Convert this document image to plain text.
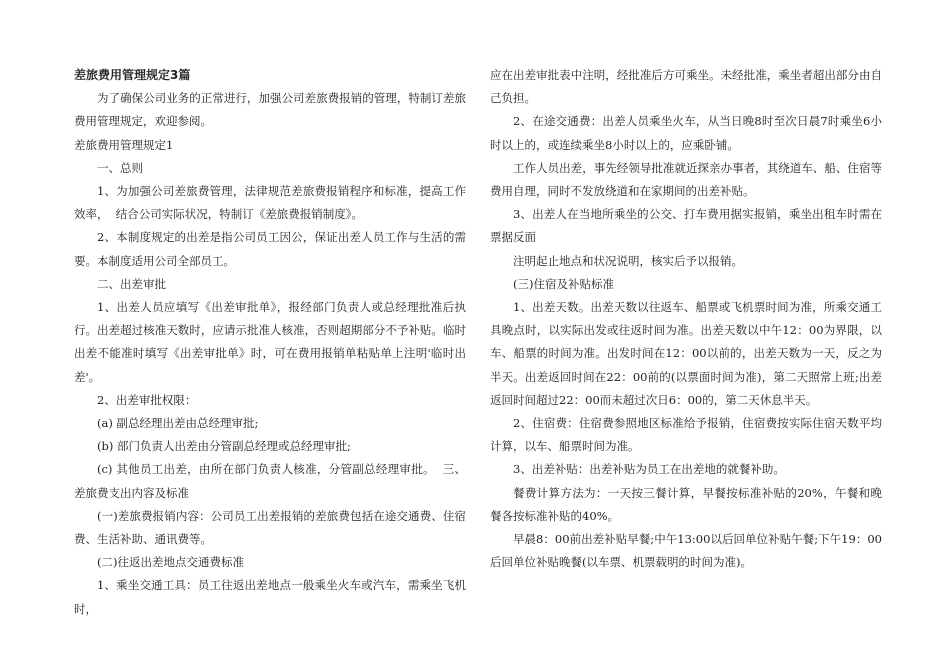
差旅费用管理规定3篇
为了确保公司业务的正常进行，加强公司差旅费报销的管理，特制订差旅费用管理规定，欢迎参阅。
差旅费用管理规定1
一、总则
1、为加强公司差旅费管理，法律规范差旅费报销程序和标准，提高工作效率，  结合公司实际状况，特制订《差旅费报销制度》。
2、本制度规定的出差是指公司员工因公，保证出差人员工作与生活的需要。本制度适用公司全部员工。
二、出差审批
1、出差人员应填写《出差审批单》，报经部门负责人或总经理批准后执行。出差超过核准天数时，应请示批准人核准，否则超期部分不予补贴。临时出差不能准时填写《出差审批单》时，可在费用报销单粘贴单上注明'临时出差'。
2、出差审批权限：
(a) 副总经理出差由总经理审批;
(b) 部门负责人出差由分管副总经理或总经理审批;
(c) 其他员工出差，由所在部门负责人核准，分管副总经理审批。  三、差旅费支出内容及标准
(一)差旅费报销内容：公司员工出差报销的差旅费包括在途交通费、住宿费、生活补助、通讯费等。
(二)往返出差地点交通费标准
1、乘坐交通工具：员工往返出差地点一般乘坐火车或汽车，需乘坐飞机时，
应在出差审批表中注明，经批准后方可乘坐。未经批准，乘坐者超出部分由自己负担。
2、在途交通费：出差人员乘坐火车，从当日晚8时至次日晨7时乘坐6小时以上的，或连续乘坐8小时以上的，应乘卧铺。
工作人员出差，事先经领导批准就近探亲办事者，其绕道车、船、住宿等费用自理，同时不发放绕道和在家期间的出差补贴。
3、出差人在当地所乘坐的公交、打车费用据实报销，乘坐出租车时需在票据反面
注明起止地点和状况说明，核实后予以报销。
(三)住宿及补贴标准
1、出差天数。出差天数以往返车、船票或飞机票时间为准，所乘交通工具晚点时，以实际出发或往返时间为准。出差天数以中午12：00为界限，以车、船票的时间为准。出发时间在12：00以前的，出差天数为一天，反之为半天。出差返回时间在22：00前的(以票面时间为准)，第二天照常上班;出差返回时间超过22：00而未超过次日6：00的，第二天休息半天。
2、住宿费：住宿费参照地区标准给予报销，住宿费按实际住宿天数平均计算，以车、船票时间为准。
3、出差补贴：出差补贴为员工在出差地的就餐补助。
餐费计算方法为：一天按三餐计算，早餐按标准补贴的20%，午餐和晚餐各按标准补贴的40%。
早晨8：00前出差补贴早餐;中午13:00以后回单位补贴午餐;下午19：00后回单位补贴晚餐(以车票、机票载明的时间为准)。
